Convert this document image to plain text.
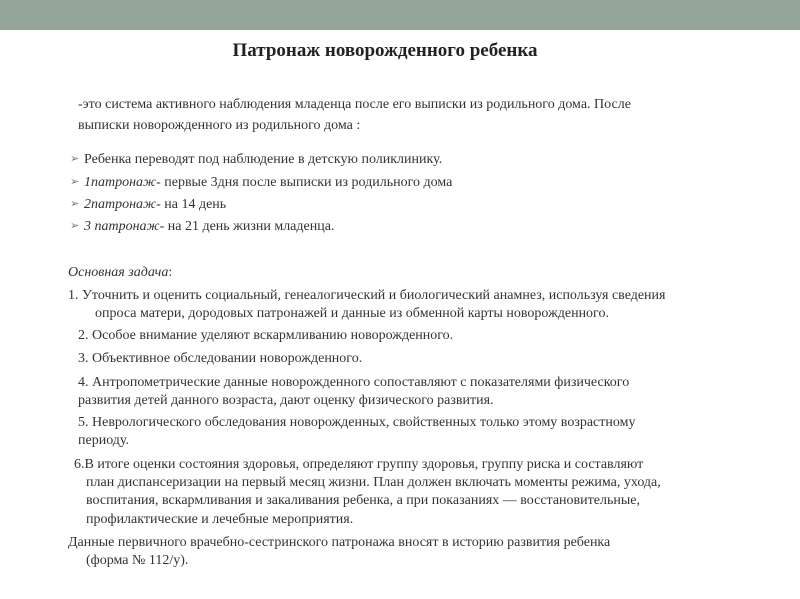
Патронаж новорожденного ребенка
-это система активного наблюдения младенца после его выписки из родильного дома. После
выписки новорожденного из родильного дома :
➢ Ребенка переводят под наблюдение в детскую поликлинику.
➢ 1патронаж- первые 3дня после выписки из родильного дома
➢ 2патронаж- на 14 день
➢ 3 патронаж- на 21 день жизни младенца.
Основная задача:
1. Уточнить и оценить социальный, генеалогический и биологический анамнез, используя сведения
опроса матери, дородовых патронажей и данные из обменной карты новорожденного.
2. Особое внимание уделяют вскармливанию новорожденного.
3. Объективное обследовании новорожденного.
4. Антропометрические данные новорожденного сопоставляют с показателями физического
развития детей данного возраста, дают оценку физического развития.
5. Неврологического обследования новорожденных, свойственных только этому возрастному
периоду.
6.В итоге оценки состояния здоровья, определяют группу здоровья, группу риска и составляют
план диспансеризации на первый месяц жизни. План должен включать моменты режима, ухода,
воспитания, вскармливания и закаливания ребенка, а при показаниях — восстановительные,
профилактические и лечебные мероприятия.
Данные первичного врачебно-сестринского патронажа вносят в историю развития ребенка
(форма № 112/у).
